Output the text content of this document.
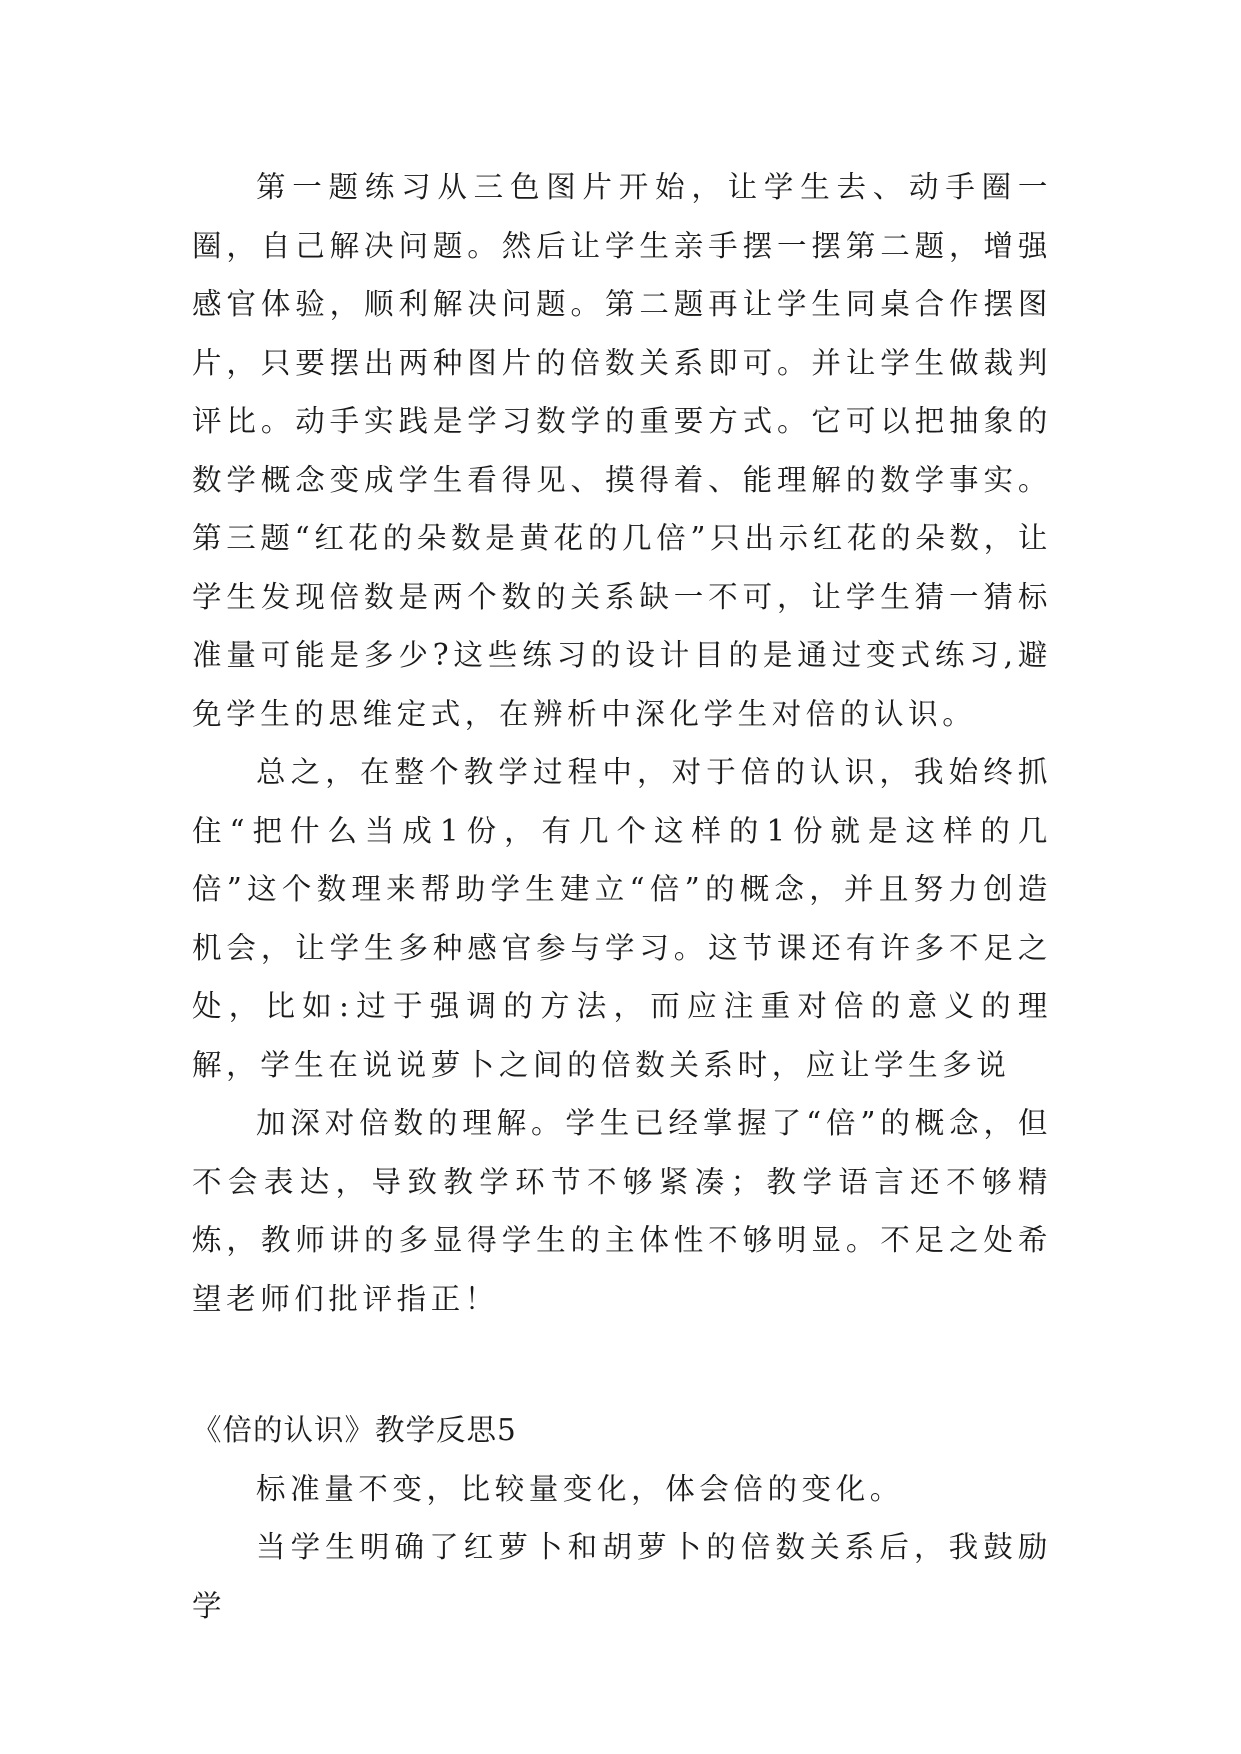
第一题练习从三色图片开始，让学生去、动手圈一圈，自己解决问题。然后让学生亲手摆一摆第二题，增强感官体验，顺利解决问题。第二题再让学生同桌合作摆图片，只要摆出两种图片的倍数关系即可。并让学生做裁判评比。动手实践是学习数学的重要方式。它可以把抽象的数学概念变成学生看得见、摸得着、能理解的数学事实。第三题“红花的朵数是黄花的几倍”只出示红花的朵数，让学生发现倍数是两个数的关系缺一不可，让学生猜一猜标准量可能是多少?这些练习的设计目的是通过变式练习,避免学生的思维定式，在辨析中深化学生对倍的认识。

总之，在整个教学过程中，对于倍的认识，我始终抓住“把什么当成1份，有几个这样的1份就是这样的几倍”这个数理来帮助学生建立“倍”的概念，并且努力创造机会，让学生多种感官参与学习。这节课还有许多不足之处，比如:过于强调的方法，而应注重对倍的意义的理解，学生在说说萝卜之间的倍数关系时，应让学生多说

加深对倍数的理解。学生已经掌握了“倍”的概念，但不会表达，导致教学环节不够紧凑；教学语言还不够精炼，教师讲的多显得学生的主体性不够明显。不足之处希望老师们批评指正！

《倍的认识》教学反思5

标准量不变，比较量变化，体会倍的变化。

当学生明确了红萝卜和胡萝卜的倍数关系后，我鼓励学
